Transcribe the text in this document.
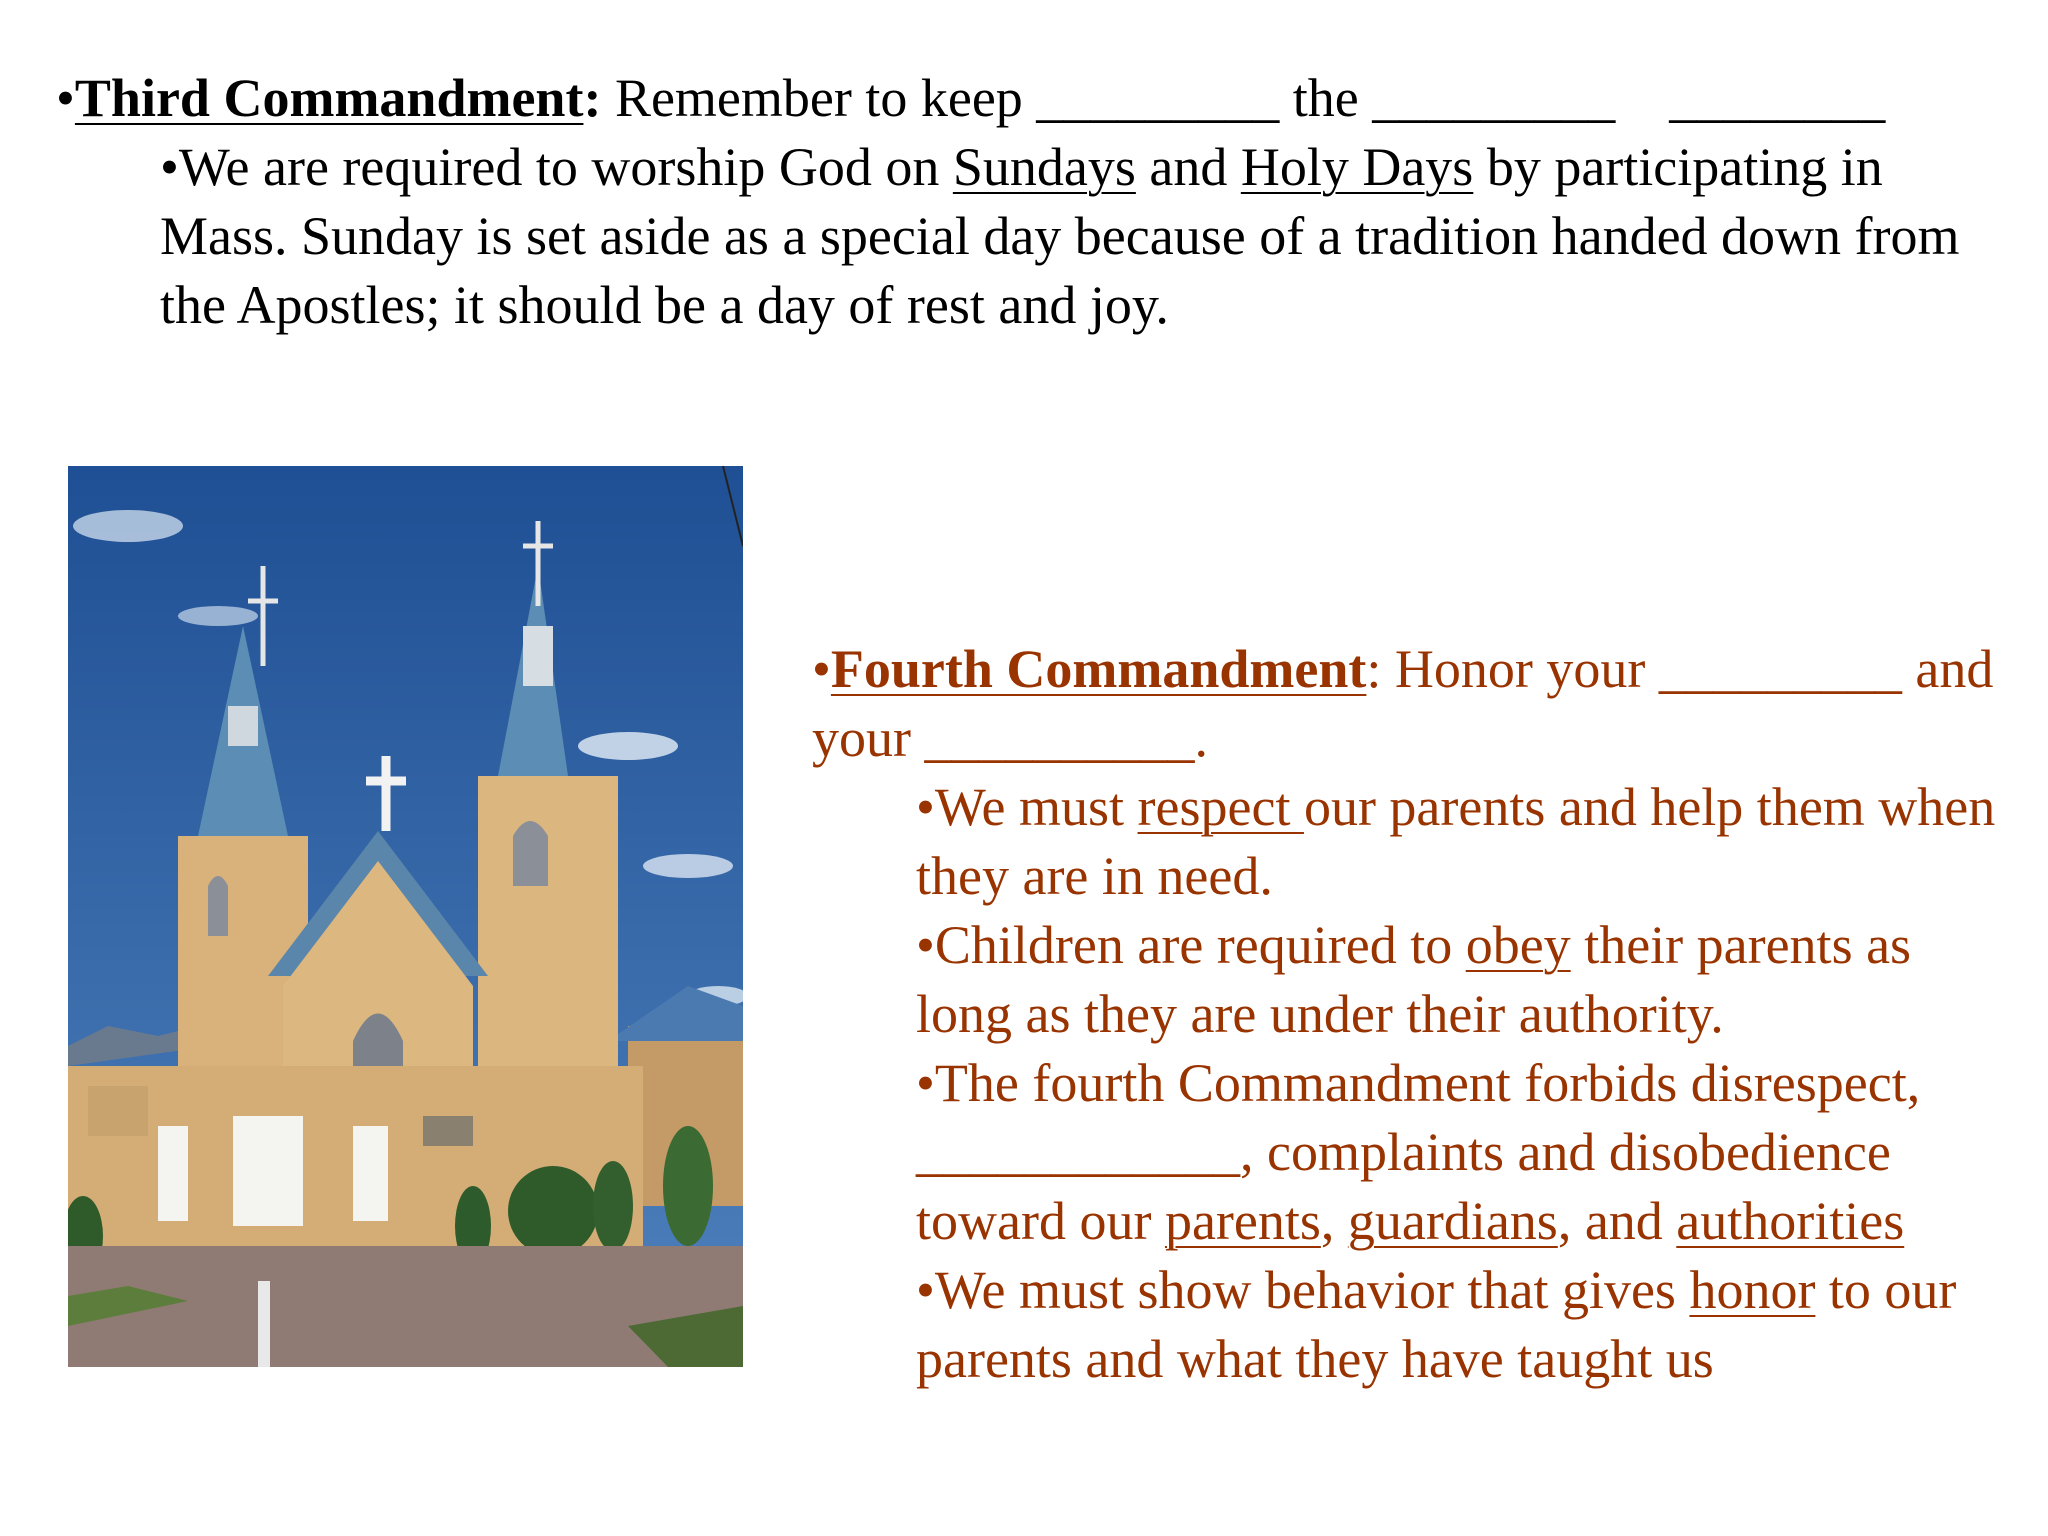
•Third Commandment: Remember to keep _________ the _________ ________
•We are required to worship God on Sundays and Holy Days by participating in Mass. Sunday is set aside as a special day because of a tradition handed down from the Apostles; it should be a day of rest and joy.
•Fourth Commandment: Honor your _________ and your __________.
•We must respect our parents and help them when they are in need.
•Children are required to obey their parents as long as they are under their authority.
•The fourth Commandment forbids disrespect, ____________, complaints and disobedience toward our parents, guardians, and authorities
•We must show behavior that gives honor to our parents and what they have taught us
